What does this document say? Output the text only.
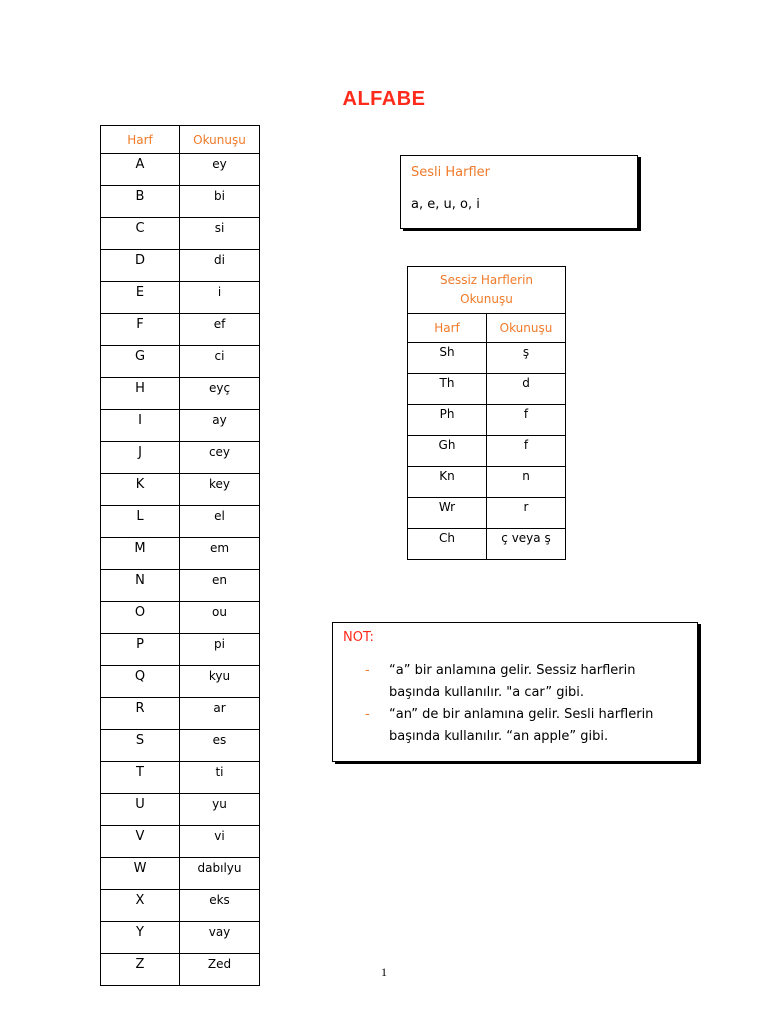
ALFABE
Harf	Okunuşu
A	ey
B	bi
C	si
D	di
E	i
F	ef
G	ci
H	eyç
I	ay
J	cey
K	key
L	el
M	em
N	en
O	ou
P	pi
Q	kyu
R	ar
S	es
T	ti
U	yu
V	vi
W	dabılyu
X	eks
Y	vay
Z	Zed
Sesli Harfler
a, e, u, o, i
Sessiz Harflerin
Okunuşu	
Harf	Okunuşu
Sh	ş
Th	d
Ph	f
Gh	f
Kn	n
Wr	r
Ch	ç veya ş
NOT:
- “a” bir anlamına gelir. Sessiz harflerin
başında kullanılır. "a car” gibi.
- “an” de bir anlamına gelir. Sesli harflerin
başında kullanılır. “an apple” gibi.
1
